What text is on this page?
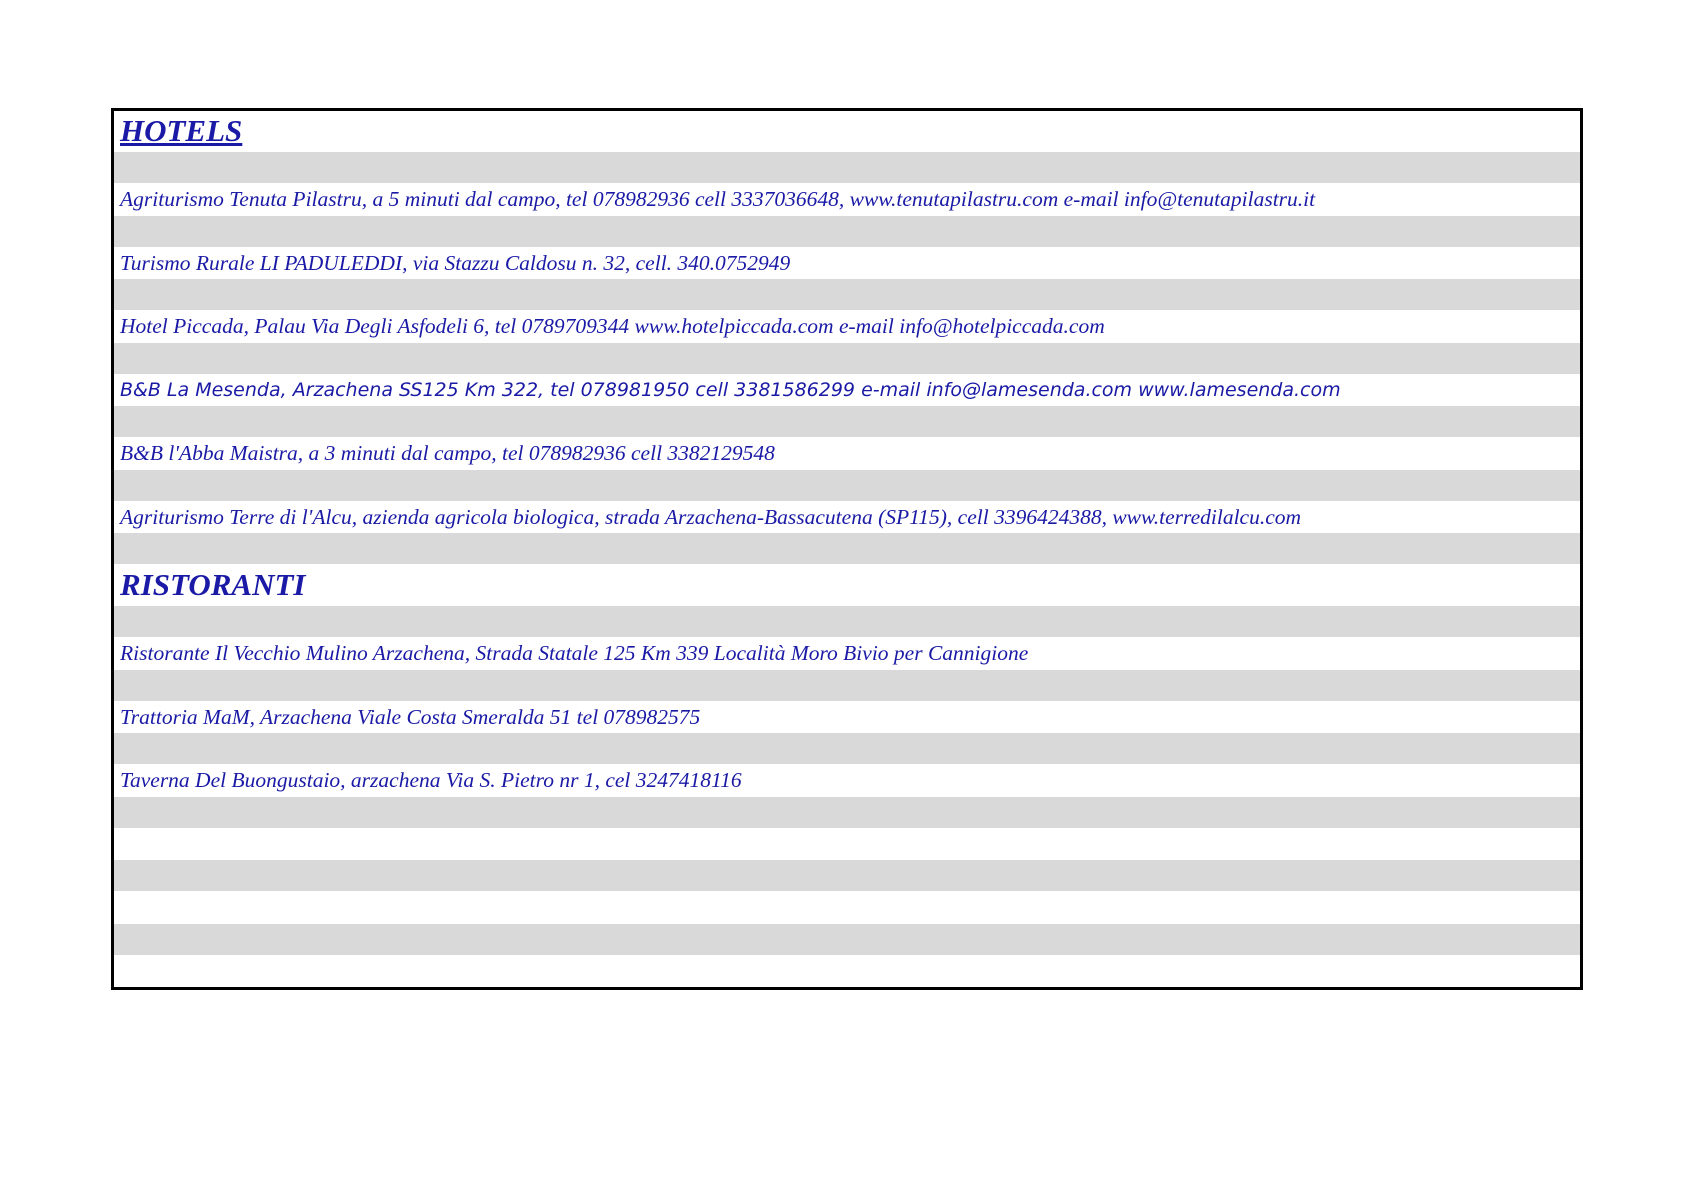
HOTELS
Agriturismo Tenuta Pilastru, a 5 minuti dal campo, tel 078982936 cell 3337036648, www.tenutapilastru.com e-mail info@tenutapilastru.it
Turismo Rurale LI PADULEDDI, via Stazzu Caldosu n. 32, cell. 340.0752949
Hotel Piccada, Palau Via Degli Asfodeli 6, tel 0789709344 www.hotelpiccada.com e-mail info@hotelpiccada.com
B&B La Mesenda, Arzachena SS125 Km 322, tel 078981950 cell 3381586299 e-mail info@lamesenda.com www.lamesenda.com
B&B l'Abba Maistra, a 3 minuti dal campo, tel 078982936 cell 3382129548
Agriturismo Terre di l'Alcu, azienda agricola biologica, strada Arzachena-Bassacutena (SP115), cell 3396424388, www.terredilalcu.com
RISTORANTI
Ristorante Il Vecchio Mulino Arzachena, Strada Statale 125 Km 339 Località Moro Bivio per Cannigione
Trattoria MaM, Arzachena Viale Costa Smeralda 51 tel 078982575
Taverna Del Buongustaio, arzachena Via S. Pietro nr 1, cel 3247418116
